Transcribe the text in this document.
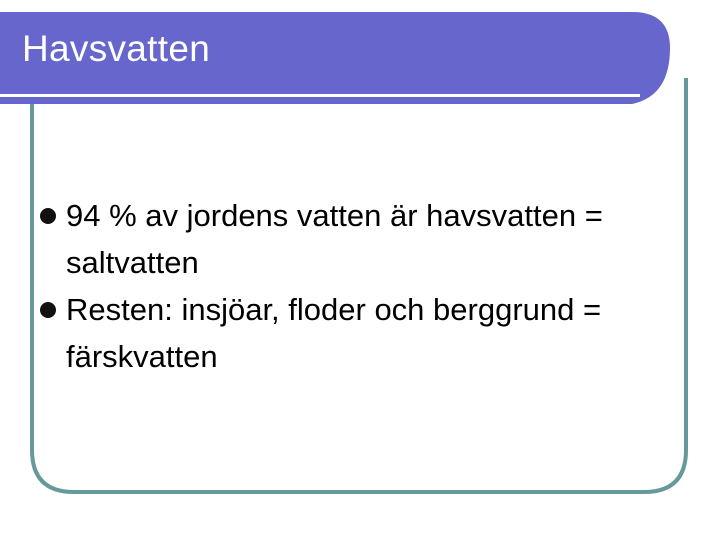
Havsvatten
94 % av jordens vatten är havsvatten = saltvatten
Resten: insjöar, floder och berggrund = färskvatten
